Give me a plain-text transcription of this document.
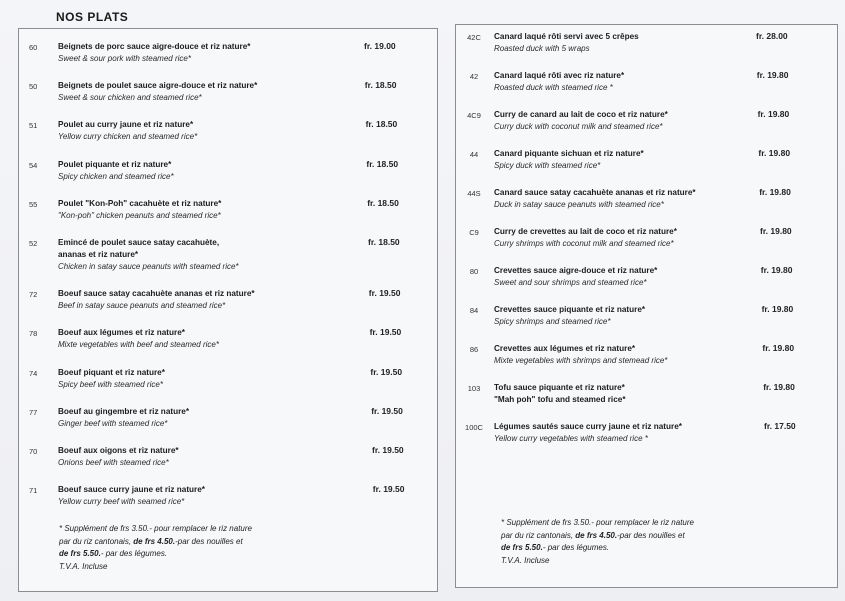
NOS PLATS
* Supplément de frs 3.50.- pour remplacer le riz nature
par du riz cantonais, de frs 4.50.-par des nouilles et
de frs 5.50.- par des légumes.
T.V.A. Incluse
60	Beignets de porc sauce aigre-douce et riz nature*
Sweet & sour pork with steamed rice*
fr. 19.00
50	Beignets de poulet sauce aigre-douce et riz nature*
Sweet & sour chicken and steamed rice*
fr. 18.50
51	Poulet au curry jaune et riz nature*
Yellow curry chicken and steamed rice*
fr. 18.50
54	Poulet piquante et riz nature*
Spicy chicken and steamed rice*
fr. 18.50
55	Poulet "Kon-Poh" cacahuète et riz nature*
"Kon-poh" chicken peanuts and steamed rice*
fr. 18.50
52	Emincé de poulet sauce satay cacahuète,
ananas et riz nature*
Chicken in satay sauce peanuts with steamed rice*
fr. 18.50
72	Boeuf sauce satay cacahuète ananas et riz nature*
Beef in satay sauce peanuts and steamed rice*
fr. 19.50
78	Boeuf aux légumes et riz nature*
Mixte vegetables with beef and steamed rice*
fr. 19.50
74	Boeuf piquant et riz nature*
Spicy beef with steamed rice*
fr. 19.50
77	Boeuf au gingembre et riz nature*
Ginger beef with steamed rice*
fr. 19.50
70	Boeuf aux oigons et riz nature*
Onions beef with steamed rice*
fr. 19.50
71	Boeuf sauce curry jaune et riz nature*
Yellow curry beef with seamed rice*
fr. 19.50
* Supplément de frs 3.50.- pour remplacer le riz nature
par du riz cantonais, de frs 4.50.-par des nouilles et
de frs 5.50.- par des légumes.
T.V.A. Incluse
42C	Canard laqué rôti servi avec 5 crêpes
Roasted duck with 5 wraps
fr. 28.00
42	Canard laqué rôti avec riz nature*
Roasted duck with steamed rice *
fr. 19.80
4C9	Curry de canard au lait de coco et riz nature*
Curry duck with coconut milk and steamed rice*
fr. 19.80
44	Canard piquante sichuan et riz nature*
Spicy duck with steamed rice*
fr. 19.80
44S	Canard sauce satay cacahuète ananas et riz nature*
Duck in satay sauce peanuts with steamed rice*
fr. 19.80
C9	Curry de crevettes au lait de coco et riz nature*
Curry shrimps with coconut milk and steamed rice*
fr. 19.80
80	Crevettes sauce aigre-douce et riz nature*
Sweet and sour shrimps and steamed rice*
fr. 19.80
84	Crevettes sauce piquante et riz nature*
Spicy shrimps and steamed rice*
fr. 19.80
86	Crevettes aux légumes et riz nature*
Mixte vegetables with shrimps and stemead rice*
fr. 19.80
103	Tofu sauce piquante et riz nature*
"Mah poh" tofu and steamed rice*
fr. 19.80
100C	Légumes sautés sauce curry jaune et riz nature*
Yellow curry vegetables with steamed rice *
fr. 17.50
